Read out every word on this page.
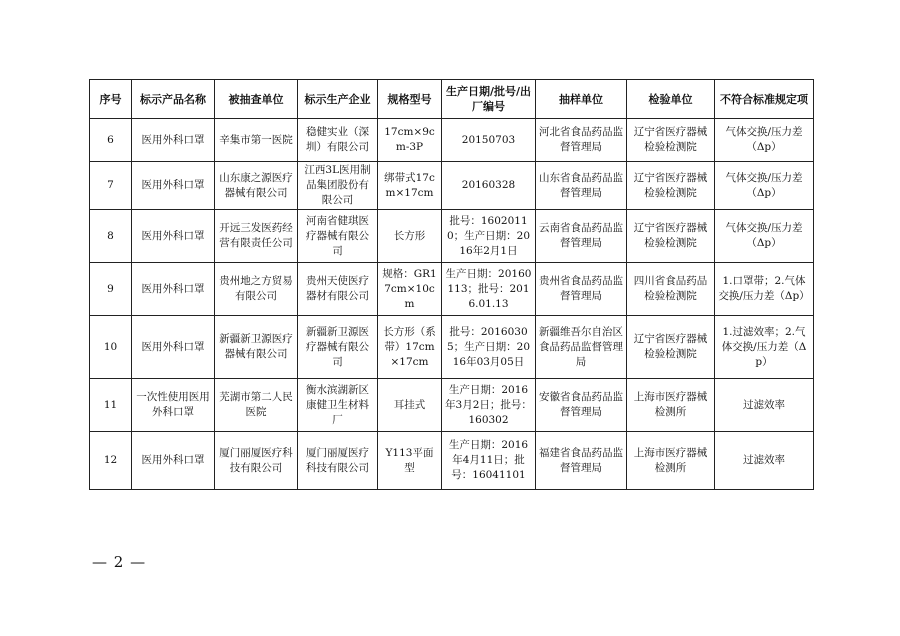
序号	标示产品名称	被抽查单位	标示生产企业	规格型号	生产日期/批号/出厂编号	抽样单位	检验单位	不符合标准规定项
6	医用外科口罩	辛集市第一医院	稳健实业（深圳）有限公司	17cm×9cm-3P	20150703	河北省食品药品监督管理局	辽宁省医疗器械检验检测院	气体交换/压力差（Δp）
7	医用外科口罩	山东康之源医疗器械有限公司	江西3L医用制品集团股份有限公司	绑带式17cm×17cm	20160328	山东省食品药品监督管理局	辽宁省医疗器械检验检测院	气体交换/压力差（Δp）
8	医用外科口罩	开远三发医药经营有限责任公司	河南省健琪医疗器械有限公司	长方形	批号：16020110；生产日期：2016年2月1日	云南省食品药品监督管理局	辽宁省医疗器械检验检测院	气体交换/压力差（Δp）
9	医用外科口罩	贵州地之方贸易有限公司	贵州天使医疗器材有限公司	规格：GR17cm×10cm	生产日期：20160113；批号：2016.01.13	贵州省食品药品监督管理局	四川省食品药品检验检测院	1.口罩带；2.气体交换/压力差（Δp）
10	医用外科口罩	新疆新卫源医疗器械有限公司	新疆新卫源医疗器械有限公司	长方形（系带）17cm×17cm	批号：20160305；生产日期：2016年03月05日	新疆维吾尔自治区食品药品监督管理局	辽宁省医疗器械检验检测院	1.过滤效率；2.气体交换/压力差（Δp）
11	一次性使用医用外科口罩	芜湖市第二人民医院	衡水滨湖新区康健卫生材料厂	耳挂式	生产日期：2016年3月2日；批号：160302	安徽省食品药品监督管理局	上海市医疗器械检测所	过滤效率
12	医用外科口罩	厦门丽厦医疗科技有限公司	厦门丽厦医疗科技有限公司	Y113平面型	生产日期：2016年4月11日；批号：16041101	福建省食品药品监督管理局	上海市医疗器械检测所	过滤效率
— 2 —
